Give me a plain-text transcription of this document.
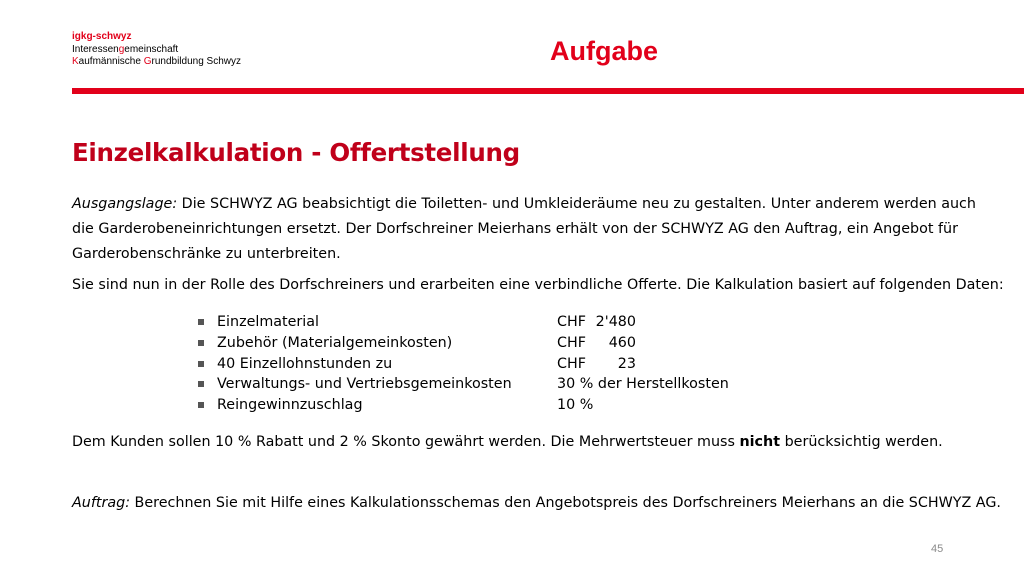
igkg-schwyz
Interessengemeinschaft
Kaufmännische Grundbildung Schwyz	Aufgabe
Einzelkalkulation - Offertstellung
Ausgangslage: Die SCHWYZ AG beabsichtigt die Toiletten- und Umkleideräume neu zu gestalten. Unter anderem werden auch die Garderobeneinrichtungen ersetzt. Der Dorfschreiner Meierhans erhält von der SCHWYZ AG den Auftrag, ein Angebot für Garderobenschränke zu unterbreiten.
Sie sind nun in der Rolle des Dorfschreiners und erarbeiten eine verbindliche Offerte. Die Kalkulation basiert auf folgenden Daten:
Einzelmaterial	CHF 2'480
Zubehör (Materialgemeinkosten)	CHF	460
40 Einzellohnstunden zu	CHF	23
Verwaltungs- und Vertriebsgemeinkosten	30 % der Herstellkosten
Reingewinnzuschlag	10 %
Dem Kunden sollen 10 % Rabatt und 2 % Skonto gewährt werden. Die Mehrwertsteuer muss nicht berücksichtig werden.
Auftrag: Berechnen Sie mit Hilfe eines Kalkulationsschemas den Angebotspreis des Dorfschreiners Meierhans an die SCHWYZ AG.
45
